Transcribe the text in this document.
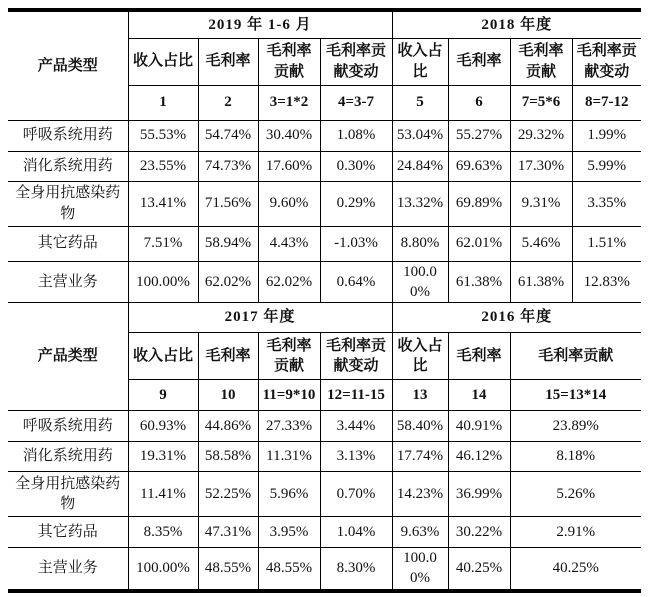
产品类型	2019 年 1-6 月				2018 年度			
	收入占比	毛利率	毛利率贡献	毛利率贡献变动	收入占比	毛利率	毛利率贡献	毛利率贡献变动
	1	2	3=1*2	4=3-7	5	6	7=5*6	8=7-12
呼吸系统用药	55.53%	54.74%	30.40%	1.08%	53.04%	55.27%	29.32%	1.99%
消化系统用药	23.55%	74.73%	17.60%	0.30%	24.84%	69.63%	17.30%	5.99%
全身用抗感染药物	13.41%	71.56%	9.60%	0.29%	13.32%	69.89%	9.31%	3.35%
其它药品	7.51%	58.94%	4.43%	-1.03%	8.80%	62.01%	5.46%	1.51%
主营业务	100.00%	62.02%	62.02%	0.64%	100.00%	61.38%	61.38%	12.83%
产品类型	2017 年度				2016 年度			
	收入占比	毛利率	毛利率贡献	毛利率贡献变动	收入占比	毛利率	毛利率贡献	
	9	10	11=9*10	12=11-15	13	14	15=13*14	
呼吸系统用药	60.93%	44.86%	27.33%	3.44%	58.40%	40.91%	23.89%	
消化系统用药	19.31%	58.58%	11.31%	3.13%	17.74%	46.12%	8.18%	
全身用抗感染药物	11.41%	52.25%	5.96%	0.70%	14.23%	36.99%	5.26%	
其它药品	8.35%	47.31%	3.95%	1.04%	9.63%	30.22%	2.91%	
主营业务	100.00%	48.55%	48.55%	8.30%	100.00%	40.25%	40.25%	
